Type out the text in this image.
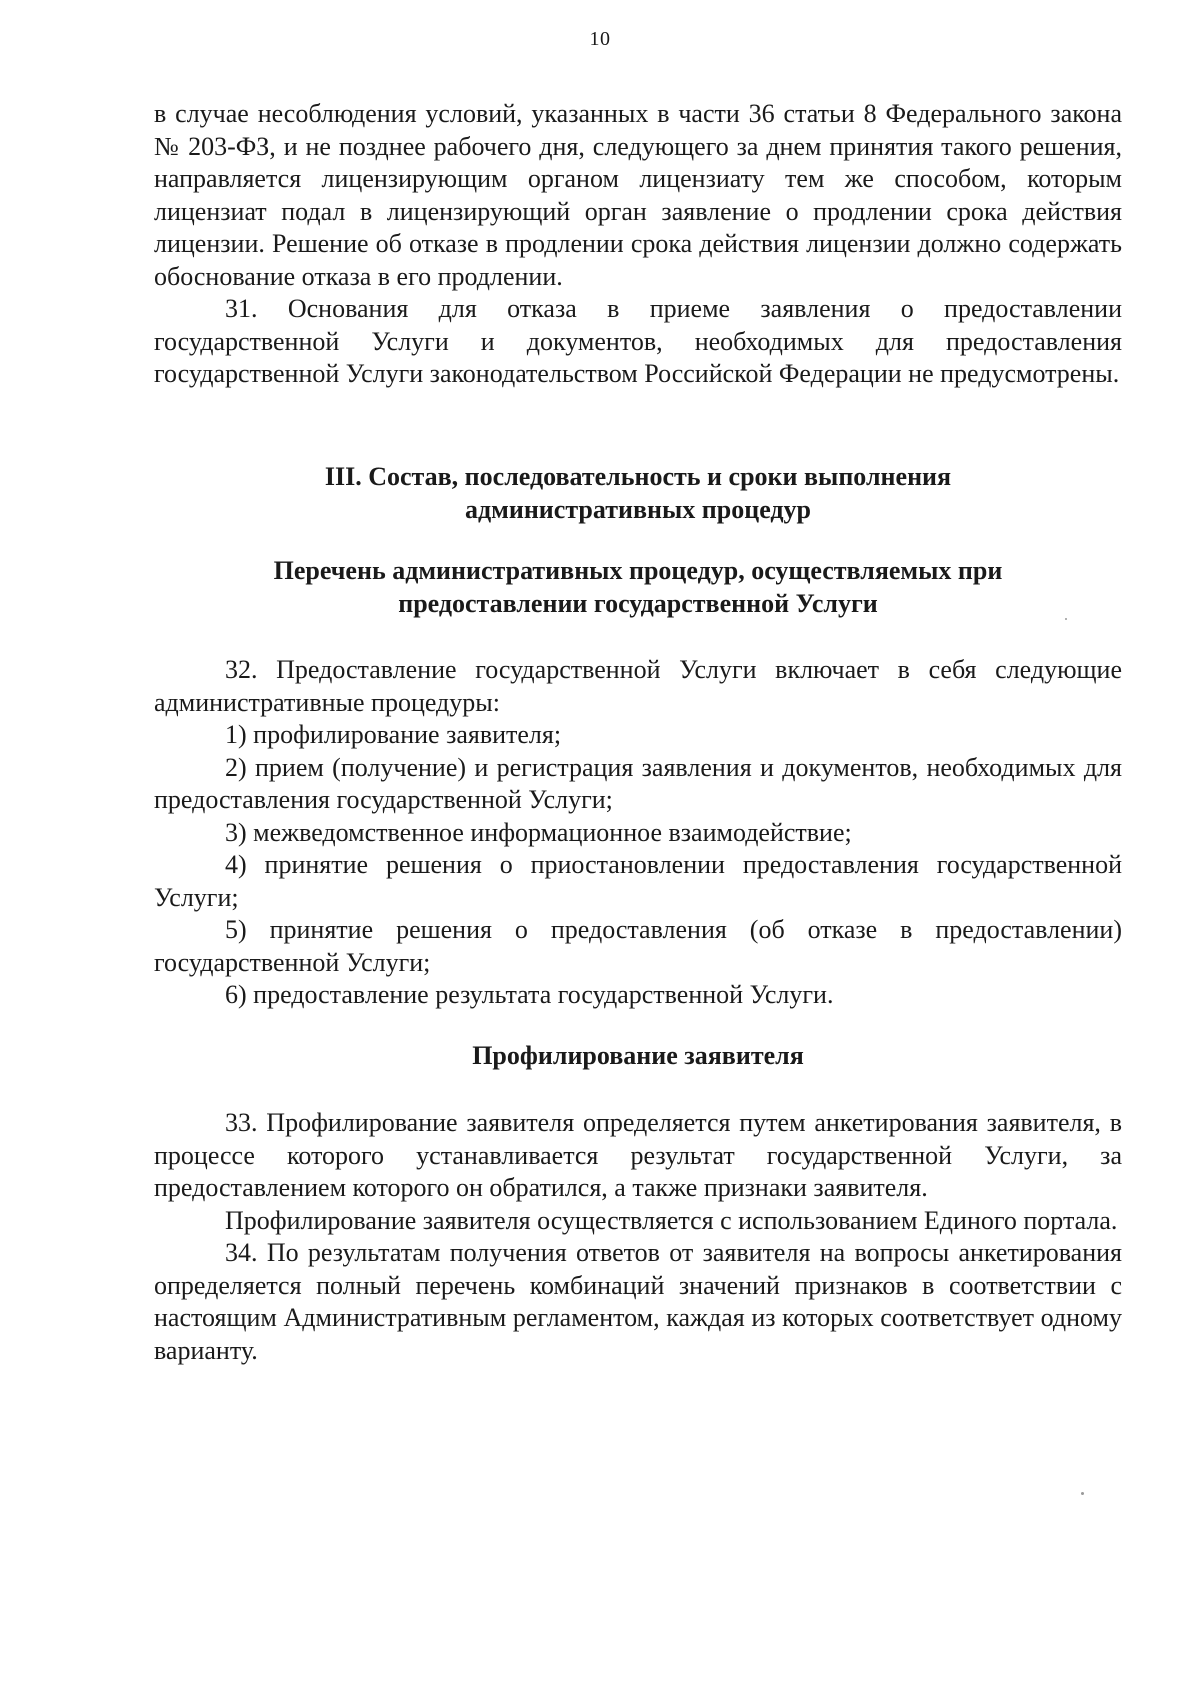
10

в случае несоблюдения условий, указанных в части 36 статьи 8 Федерального закона № 203-ФЗ, и не позднее рабочего дня, следующего за днем принятия такого решения, направляется лицензирующим органом лицензиату тем же способом, которым лицензиат подал в лицензирующий орган заявление о продлении срока действия лицензии. Решение об отказе в продлении срока действия лицензии должно содержать обоснование отказа в его продлении.

31. Основания для отказа в приеме заявления о предоставлении государственной Услуги и документов, необходимых для предоставления государственной Услуги законодательством Российской Федерации не предусмотрены.

III. Состав, последовательность и сроки выполнения

административных процедур

Перечень административных процедур, осуществляемых при

предоставлении государственной Услуги

32. Предоставление государственной Услуги включает в себя следующие административные процедуры:

1) профилирование заявителя;

2) прием (получение) и регистрация заявления и документов, необходимых для предоставления государственной Услуги;

3) межведомственное информационное взаимодействие;

4) принятие решения о приостановлении предоставления государственной Услуги;

5) принятие решения о предоставления (об отказе в предоставлении) государственной Услуги;

6) предоставление результата государственной Услуги.

Профилирование заявителя

33. Профилирование заявителя определяется путем анкетирования заявителя, в процессе которого устанавливается результат государственной Услуги, за предоставлением которого он обратился, а также признаки заявителя.

Профилирование заявителя осуществляется с использованием Единого портала.

34. По результатам получения ответов от заявителя на вопросы анкетирования определяется полный перечень комбинаций значений признаков в соответствии с настоящим Административным регламентом, каждая из которых соответствует одному варианту.
